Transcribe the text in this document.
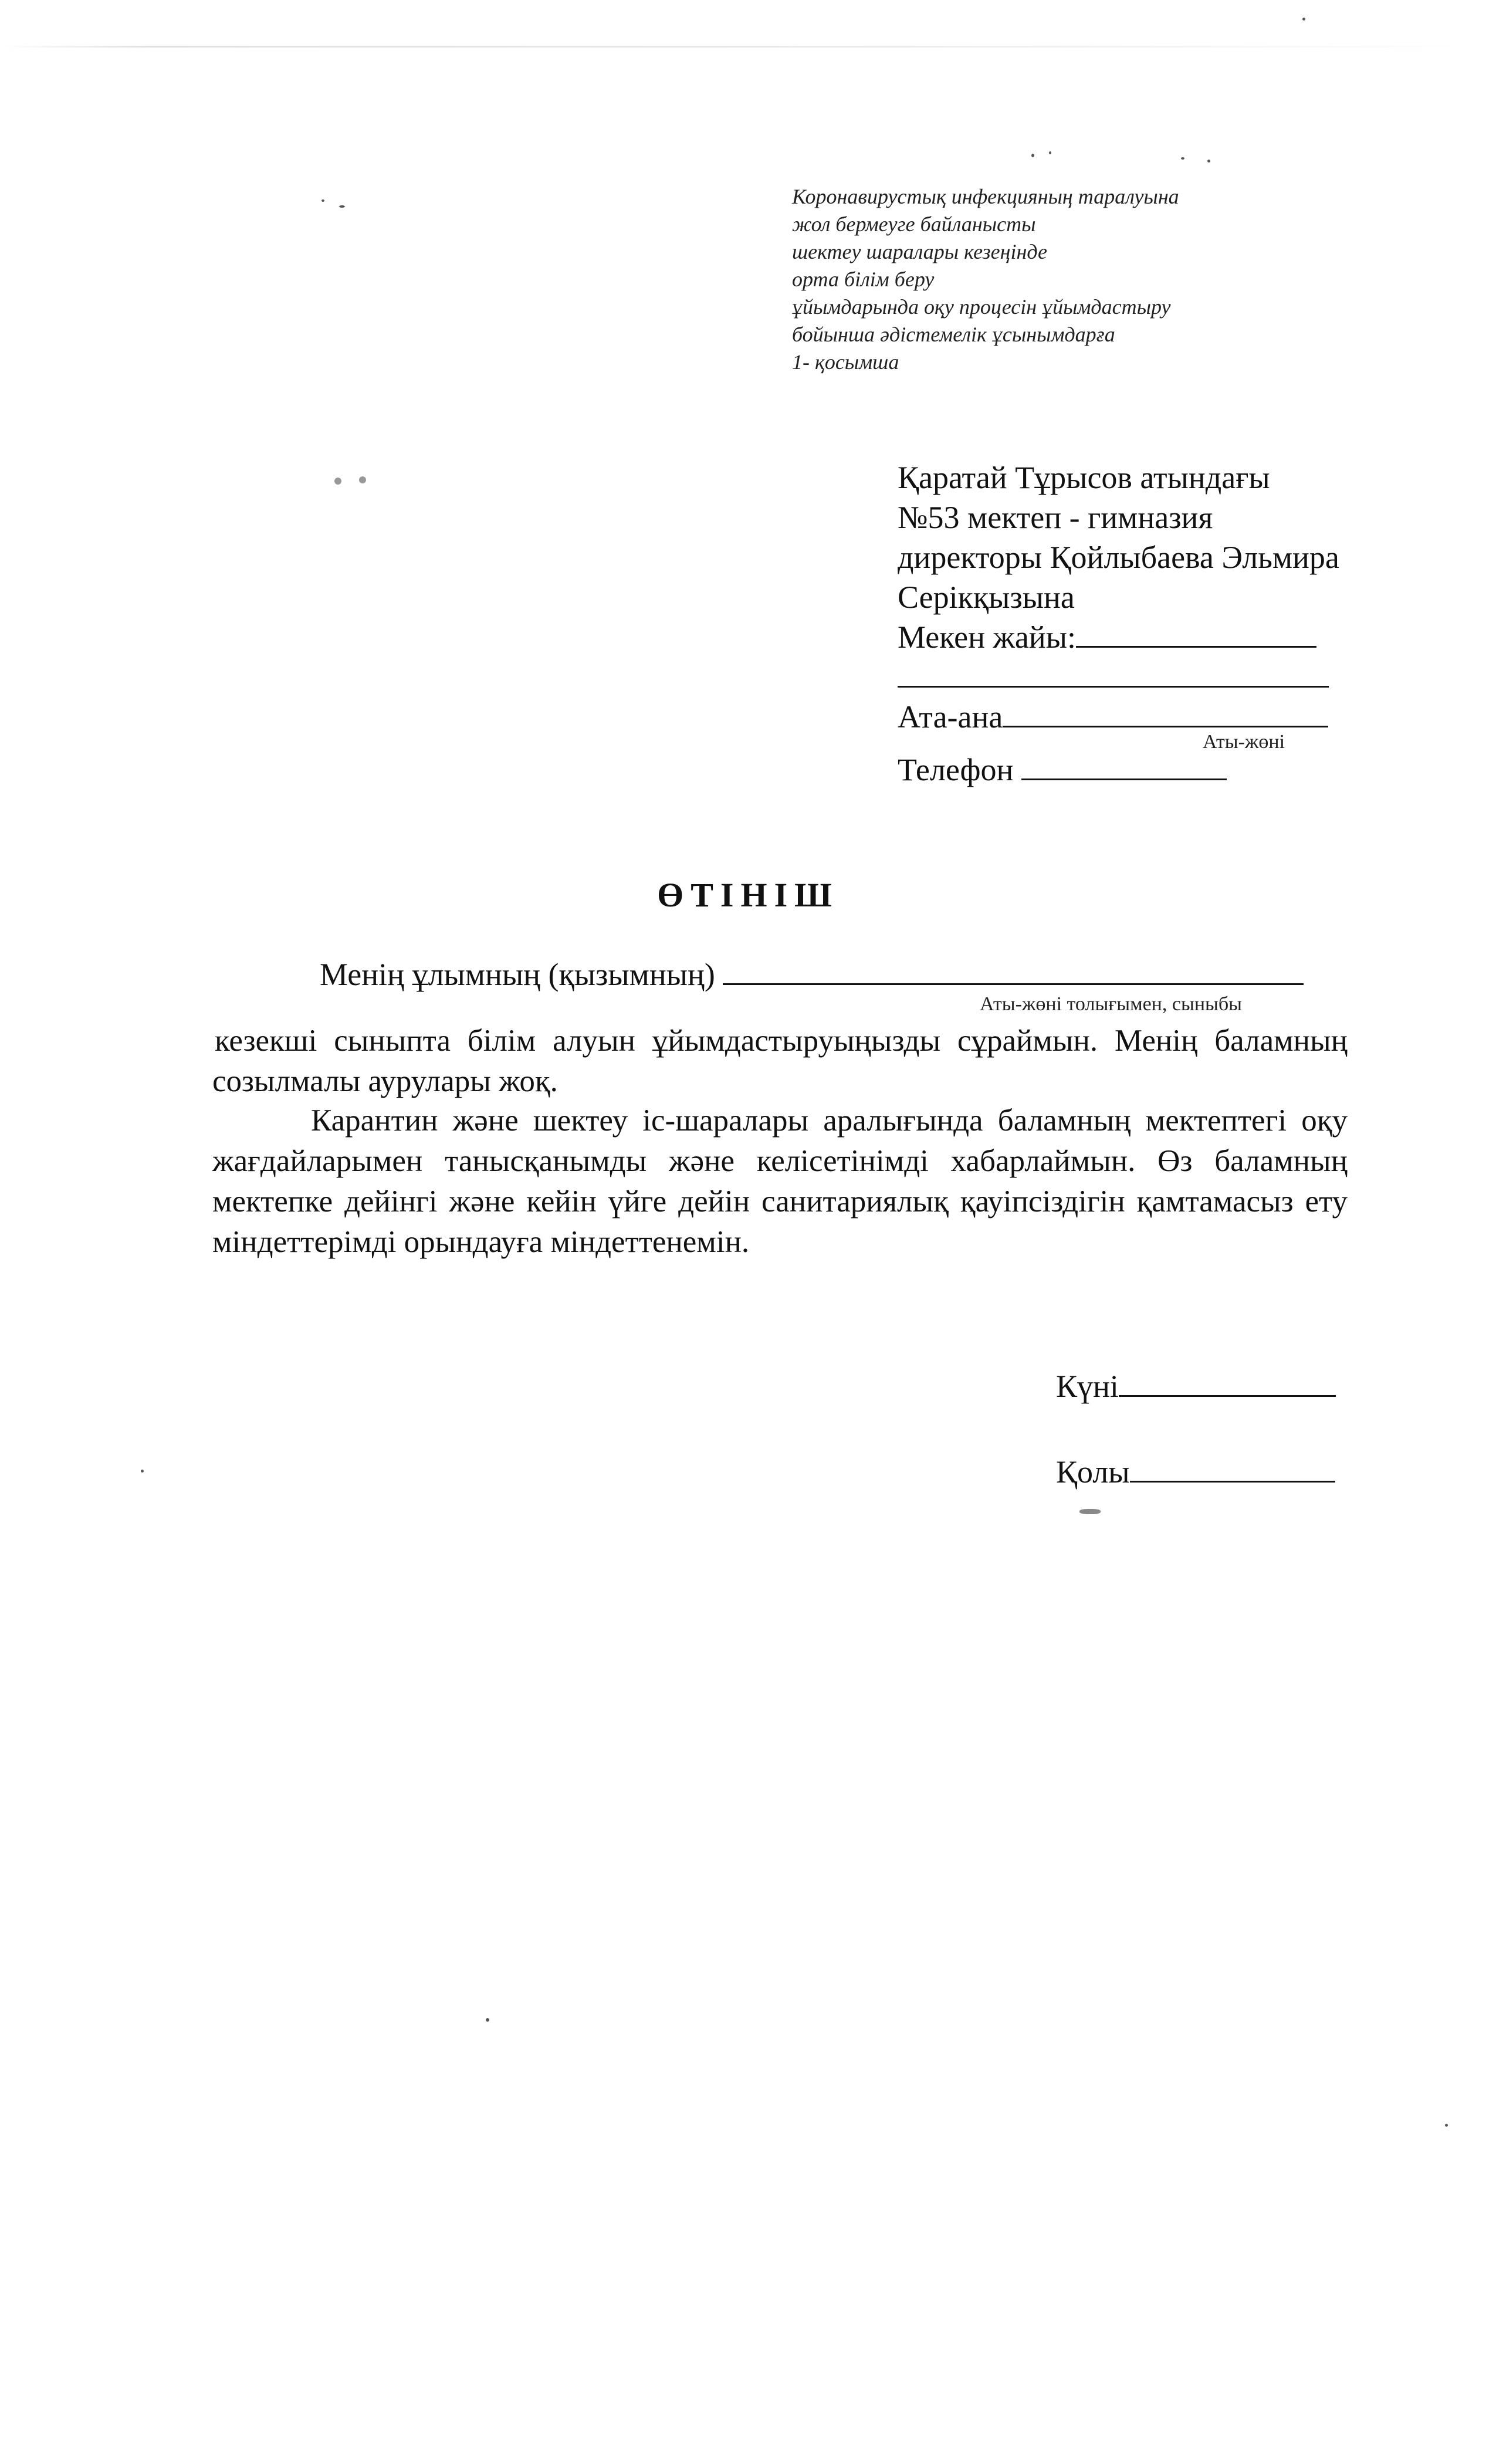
Коронавирустық инфекцияның таралуына
жол бермеуге байланысты
шектеу шаралары кезеңінде
орта білім беру
ұйымдарында оқу процесін ұйымдастыру
бойынша әдістемелік ұсынымдарға
1- қосымша
Қаратай Тұрысов атындағы
№53 мектеп - гимназия
директоры Қойлыбаева Эльмира
Серікқызына
Мекен жайы:
Ата-ана
Аты-жөні
Телефон
ӨТІНІШ
Менің ұлымның (қызымның)
Аты-жөні толығымен, сыныбы
кезекші сыныпта білім алуын ұйымдастыруыңызды сұраймын. Менің баламның созылмалы аурулары жоқ.
Карантин және шектеу іс-шаралары аралығында баламның мектептегі оқу жағдайларымен танысқанымды және келісетінімді хабарлаймын. Өз баламның мектепке дейінгі және кейін үйге дейін санитариялық қауіпсіздігін қамтамасыз ету міндеттерімді орындауға міндеттенемін.
Күні
Қолы
